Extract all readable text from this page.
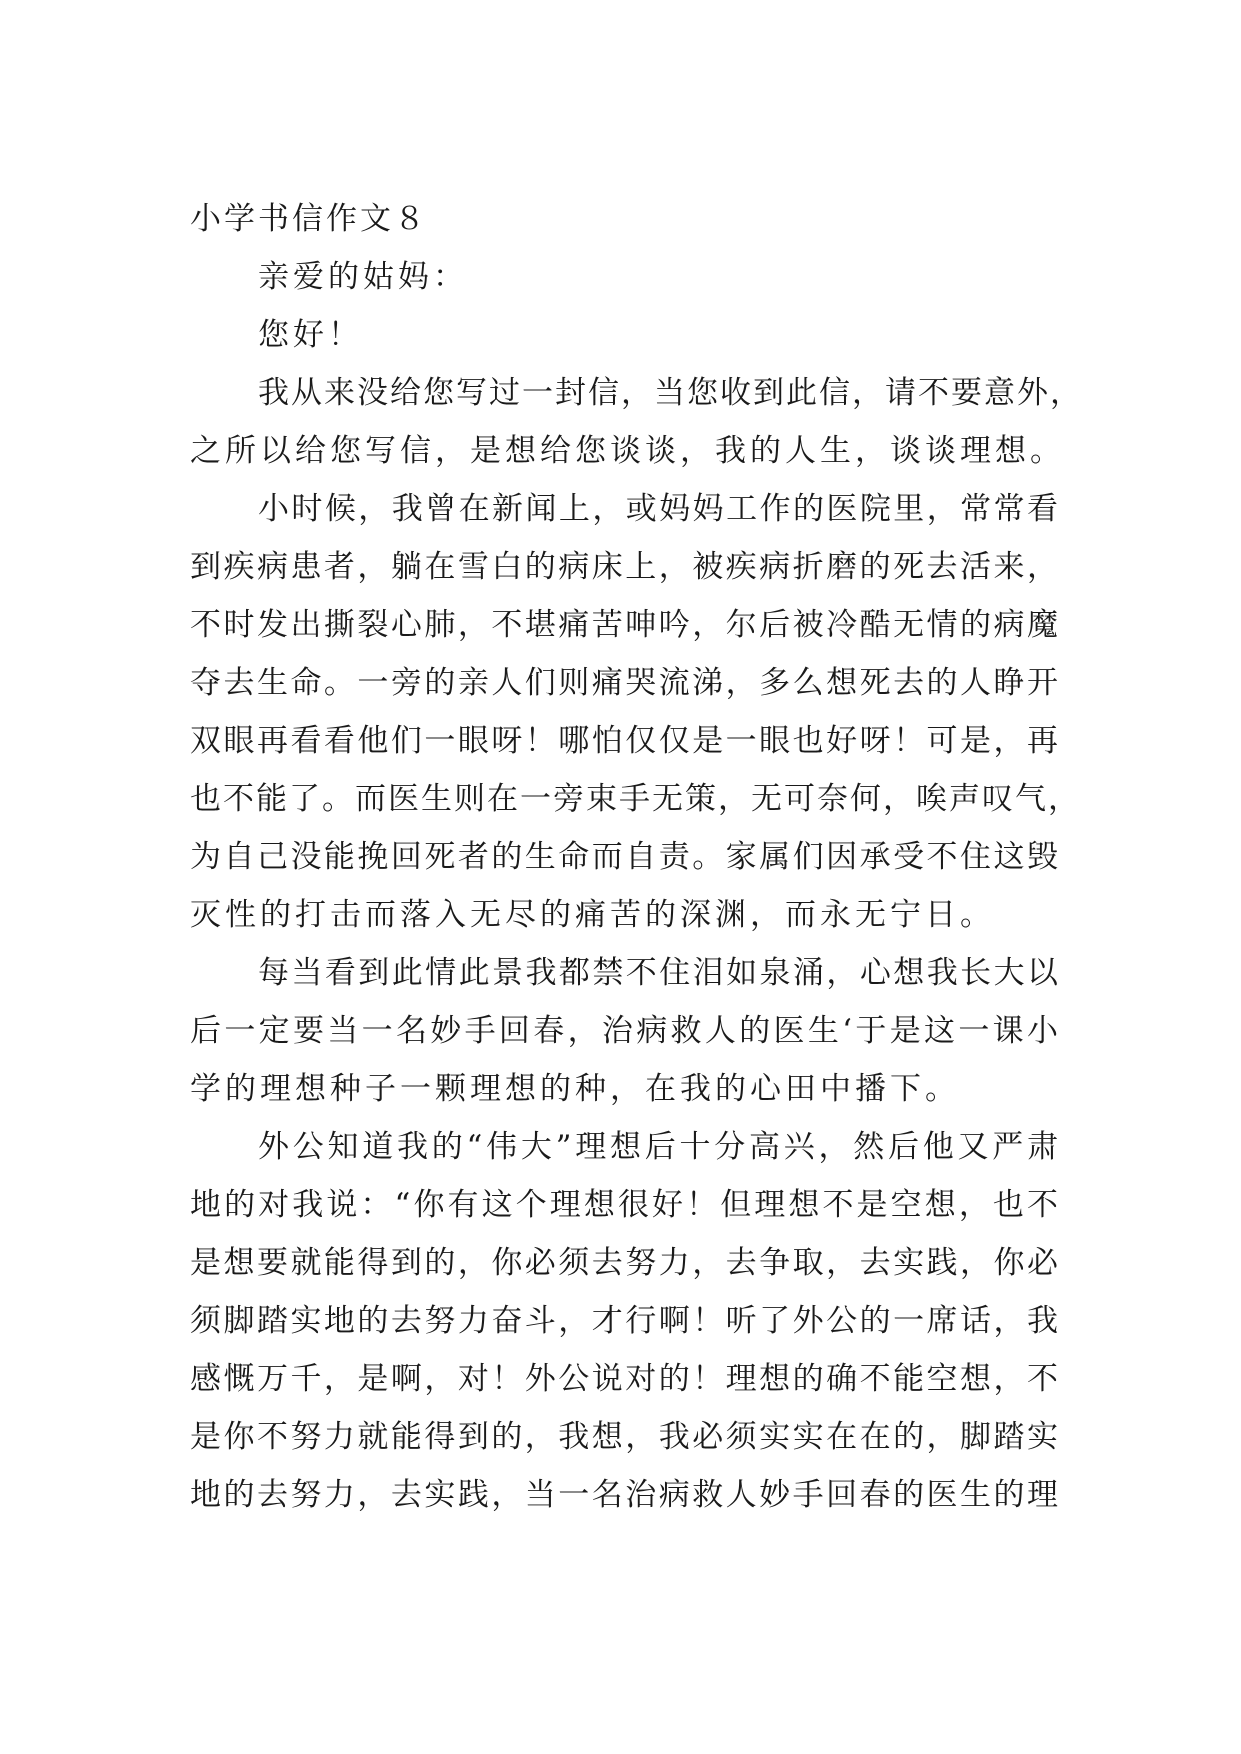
小学书信作文８
亲爱的姑妈：
您好！
我从来没给您写过一封信，当您收到此信，请不要意外，
之所以给您写信，是想给您谈谈，我的人生，谈谈理想。
小时候，我曾在新闻上，或妈妈工作的医院里，常常看
到疾病患者，躺在雪白的病床上，被疾病折磨的死去活来，
不时发出撕裂心肺，不堪痛苦呻吟，尔后被冷酷无情的病魔
夺去生命。一旁的亲人们则痛哭流涕，多么想死去的人睁开
双眼再看看他们一眼呀！哪怕仅仅是一眼也好呀！可是，再
也不能了。而医生则在一旁束手无策，无可奈何，唉声叹气，
为自己没能挽回死者的生命而自责。家属们因承受不住这毁
灭性的打击而落入无尽的痛苦的深渊，而永无宁日。
每当看到此情此景我都禁不住泪如泉涌，心想我长大以
后一定要当一名妙手回春，治病救人的医生‘于是这一课小
学的理想种子一颗理想的种，在我的心田中播下。
外公知道我的“伟大”理想后十分高兴，然后他又严肃
地的对我说：“你有这个理想很好！但理想不是空想，也不
是想要就能得到的，你必须去努力，去争取，去实践，你必
须脚踏实地的去努力奋斗，才行啊！听了外公的一席话，我
感慨万千，是啊，对！外公说对的！理想的确不能空想，不
是你不努力就能得到的，我想，我必须实实在在的，脚踏实
地的去努力，去实践，当一名治病救人妙手回春的医生的理
